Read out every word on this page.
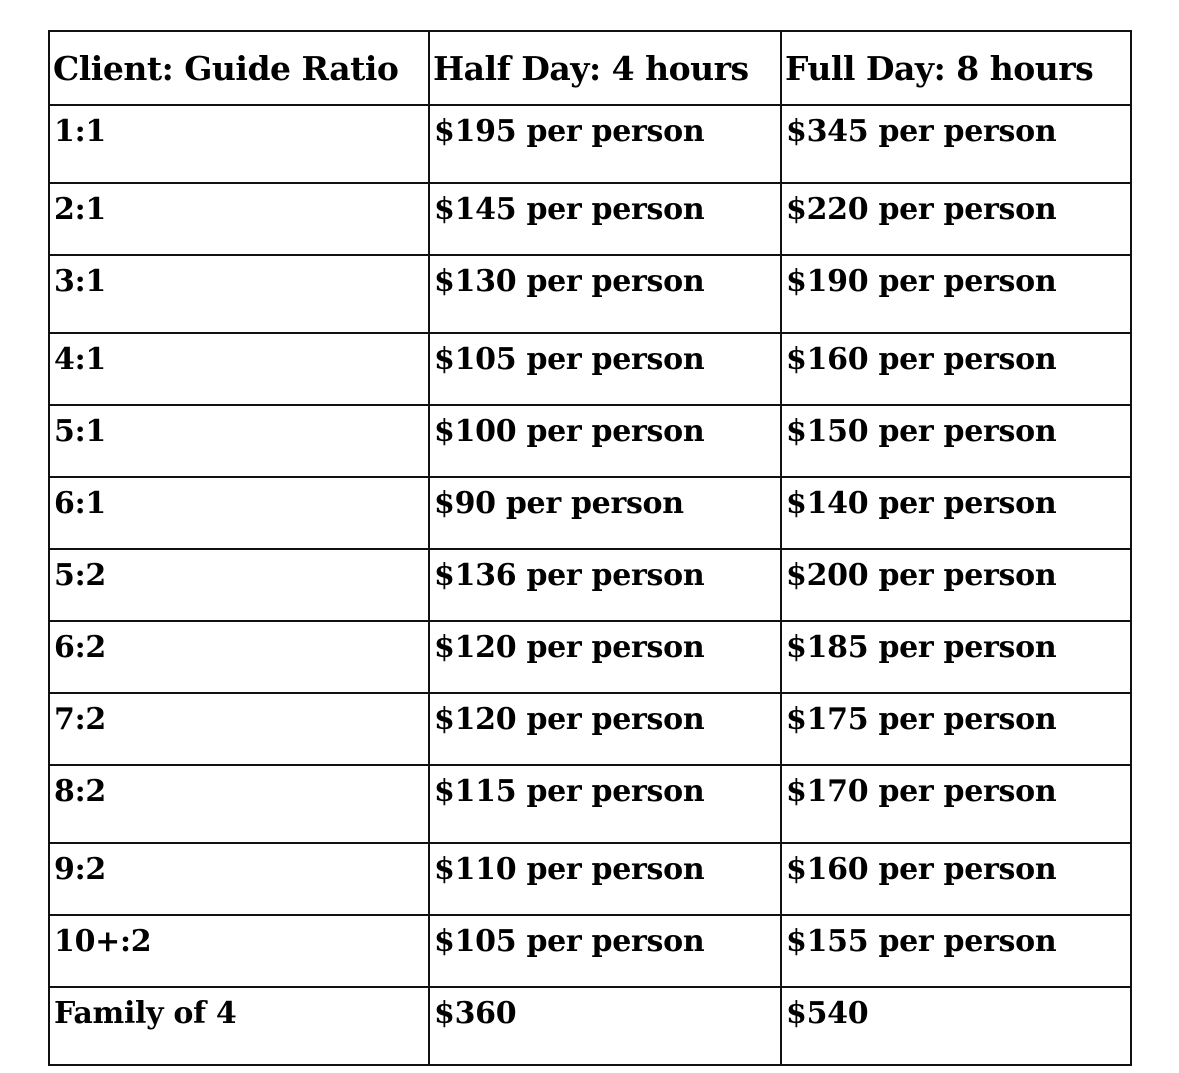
Client: Guide Ratio	Half Day: 4 hours	Full Day: 8 hours
1:1	$195 per person	$345 per person
2:1	$145 per person	$220 per person
3:1	$130 per person	$190 per person
4:1	$105 per person	$160 per person
5:1	$100 per person	$150 per person
6:1	$90 per person	$140 per person
5:2	$136 per person	$200 per person
6:2	$120 per person	$185 per person
7:2	$120 per person	$175 per person
8:2	$115 per person	$170 per person
9:2	$110 per person	$160 per person
10+:2	$105 per person	$155 per person
Family of 4	$360	$540
